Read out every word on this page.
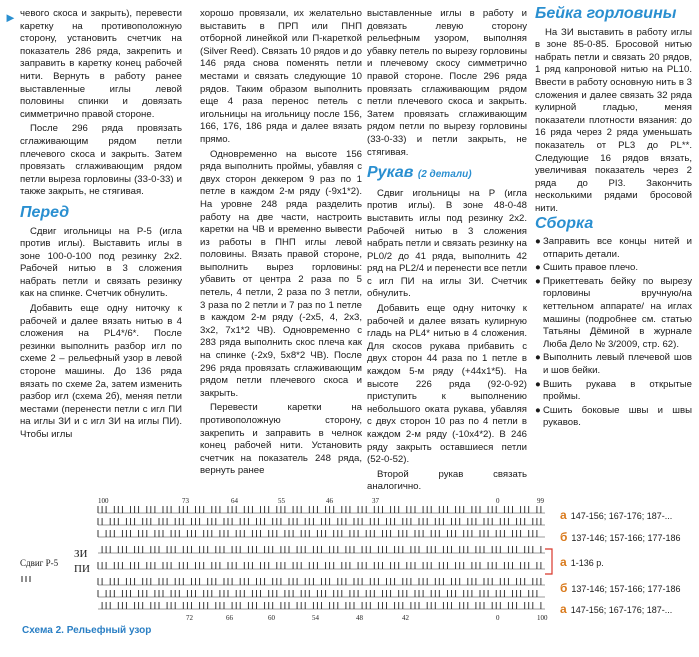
► чевого скоса и закрыть), перевести каретку на противоположную сторону, установить счетчик на показатель 286 ряда, закрепить и заправить в каретку конец рабочей нити. Вернуть в работу ранее выставленные иглы левой половины спинки и довязать симметрично правой стороне.

После 296 ряда провязать сглаживающим рядом петли плечевого скоса и закрыть. Затем провязать сглаживающим рядом петли выреза горловины (33-0-33) и также закрыть, не стягивая.

Перед

Сдвиг игольницы на Р-5 (игла против иглы). Выставить иглы в зоне 100-0-100 под резинку 2x2. Рабочей нитью в 3 сложения набрать петли и связать резинку как на спинке. Счетчик обнулить.

Добавить еще одну ниточку к рабочей и далее вязать нитью в 4 сложения на PL4*/6*. После резинки выполнить разбор игл по схеме 2 – рельефный узор в левой стороне машины. До 136 ряда вязать по схеме 2а, затем изменить разбор игл (схема 2б), меняя петли местами (перенести петли с игл ПИ на иглы ЗИ и с игл ЗИ на иглы ПИ). Чтобы иглы

хорошо провязали, их желательно выставить в ПРП или ПНП отборной линейкой или П-кареткой (Silver Reed). Связать 10 рядов и до 146 ряда снова поменять петли местами и связать следующие 10 рядов. Таким образом выполнить еще 4 раза перенос петель с игольницы на игольницу после 156, 166, 176, 186 ряда и далее вязать прямо.

Одновременно на высоте 156 ряда выполнить проймы, убавляя с двух сторон деккером 9 раз по 1 петле в каждом 2-м ряду (-9x1*2). На уровне 248 ряда разделить работу на две части, настроить каретки на ЧВ и временно вывести из работы в ПНП иглы левой половины. Вязать правой стороне, выполнить вырез горловины: убавить от центра 2 раза по 5 петель, 4 петли, 2 раза по 3 петли, 3 раза по 2 петли и 7 раз по 1 петле в каждом 2-м ряду (-2x5, 4, 2x3, 3x2, 7x1*2 ЧВ). Одновременно с 283 ряда выполнить скос плеча как на спинке (-2x9, 5x8*2 ЧВ). После 296 ряда провязать сглаживающим рядом петли плечевого скоса и закрыть.

Перевести каретки на противоположную сторону, закрепить и заправить в челнок конец рабочей нити. Установить счетчик на показатель 248 ряда, вернуть ранее

выставленные иглы в работу и довязать левую сторону рельефным узором, выполняя убавку петель по вырезу горловины и плечевому скосу симметрично правой стороне. После 296 ряда провязать сглаживающим рядом петли плечевого скоса и закрыть. Затем провязать сглаживающим рядом петли по вырезу горловины (33-0-33) и петли закрыть, не стягивая.

Рукав (2 детали)

Сдвиг игольницы на Р (игла против иглы). В зоне 48-0-48 выставить иглы под резинку 2x2. Рабочей нитью в 3 сложения набрать петли и связать резинку на PL0/2 до 41 ряда, выполнить 42 ряд на PL2/4 и перенести все петли с игл ПИ на иглы ЗИ. Счетчик обнулить.

Добавить еще одну ниточку к рабочей и далее вязать кулирную гладь на PL4* нитью в 4 сложения. Для скосов рукава прибавить с двух сторон 44 раза по 1 петле в каждом 5-м ряду (+44x1*5). На высоте 226 ряда (92-0-92) приступить к выполнению небольшого оката рукава, убавляя с двух сторон 10 раз по 4 петли в каждом 2-м ряду (-10x4*2). В 246 ряду закрыть оставшиеся петли (52-0-52).

Второй рукав связать аналогично.

Бейка горловины

На ЗИ выставить в работу иглы в зоне 85-0-85. Бросовой нитью набрать петли и связать 20 рядов, 1 ряд капроновой нитью на PL10. Ввести в работу основную нить в 3 сложения и далее связать 32 ряда кулирной гладью, меняя показатели плотности вязания: до 16 ряда через 2 ряда уменьшать показатель от PL3 до PL**. Следующие 16 рядов вязать, увеличивая показатель через 2 ряда до PI3. Закончить несколькими рядами бросовой нити.

Сборка
● Заправить все концы нитей и отпарить детали.
● Сшить правое плечо.
● Прикеттевать бейку по вырезу горловины вручную/на кеттельном аппарате/ на иглах машины (подробнее см. статью Татьяны Дёминой в журнале Люба Дело № 3/2009, стр. 62).
● Выполнить левый плечевой шов и шов бейки.
● Вшить рукава в открытые проймы.
● Сшить боковые швы и швы рукавов.
100	73	64	55	46	37	0	99
72	66	60	54	48	42	0	100
Сдвиг Р-5
ЗИ
ПИ
а 147-156; 167-176; 187-...
б 137-146; 157-166; 177-186
а 1-136 р.
б 137-146; 157-166; 177-186
а 147-156; 167-176; 187-...
Схема 2. Рельефный узор
